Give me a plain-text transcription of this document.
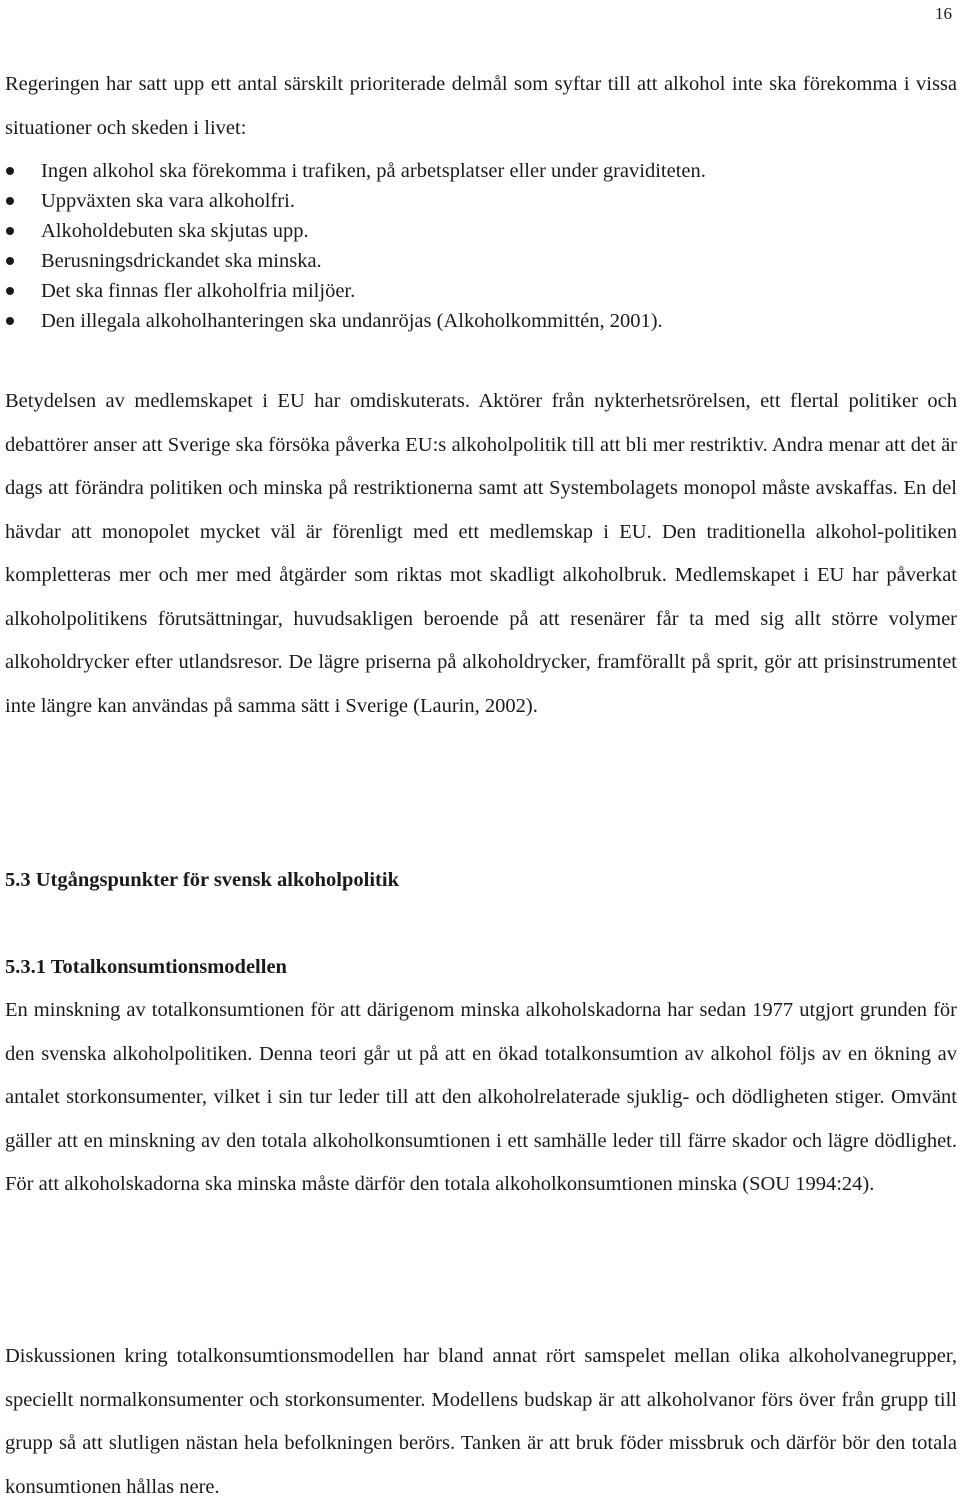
16

Regeringen har satt upp ett antal särskilt prioriterade delmål som syftar till att alkohol inte ska förekomma i vissa situationer och skeden i livet:

Ingen alkohol ska förekomma i trafiken, på arbetsplatser eller under graviditeten.
Uppväxten ska vara alkoholfri.
Alkoholdebuten ska skjutas upp.
Berusningsdrickandet ska minska.
Det ska finnas fler alkoholfria miljöer.
Den illegala alkoholhanteringen ska undanröjas (Alkoholkommittén, 2001).

Betydelsen av medlemskapet i EU har omdiskuterats. Aktörer från nykterhetsrörelsen, ett flertal politiker och debattörer anser att Sverige ska försöka påverka EU:s alkoholpolitik till att bli mer restriktiv. Andra menar att det är dags att förändra politiken och minska på restriktionerna samt att Systembolagets monopol måste avskaffas. En del hävdar att monopolet mycket väl är förenligt med ett medlemskap i EU. Den traditionella alkohol-politiken kompletteras mer och mer med åtgärder som riktas mot skadligt alkoholbruk. Medlemskapet i EU har påverkat alkoholpolitikens förutsättningar, huvudsakligen beroende på att resenärer får ta med sig allt större volymer alkoholdrycker efter utlandsresor. De lägre priserna på alkoholdrycker, framförallt på sprit, gör att prisinstrumentet inte längre kan användas på samma sätt i Sverige (Laurin, 2002).

5.3 Utgångspunkter för svensk alkoholpolitik
5.3.1 Totalkonsumtionsmodellen

En minskning av totalkonsumtionen för att därigenom minska alkoholskadorna har sedan 1977 utgjort grunden för den svenska alkoholpolitiken. Denna teori går ut på att en ökad totalkonsumtion av alkohol följs av en ökning av antalet storkonsumenter, vilket i sin tur leder till att den alkoholrelaterade sjuklig- och dödligheten stiger. Omvänt gäller att en minskning av den totala alkoholkonsumtionen i ett samhälle leder till färre skador och lägre dödlighet. För att alkoholskadorna ska minska måste därför den totala alkoholkonsumtionen minska (SOU 1994:24).

Diskussionen kring totalkonsumtionsmodellen har bland annat rört samspelet mellan olika alkoholvanegrupper, speciellt normalkonsumenter och storkonsumenter. Modellens budskap är att alkoholvanor förs över från grupp till grupp så att slutligen nästan hela befolkningen berörs. Tanken är att bruk föder missbruk och därför bör den totala konsumtionen hållas nere.
